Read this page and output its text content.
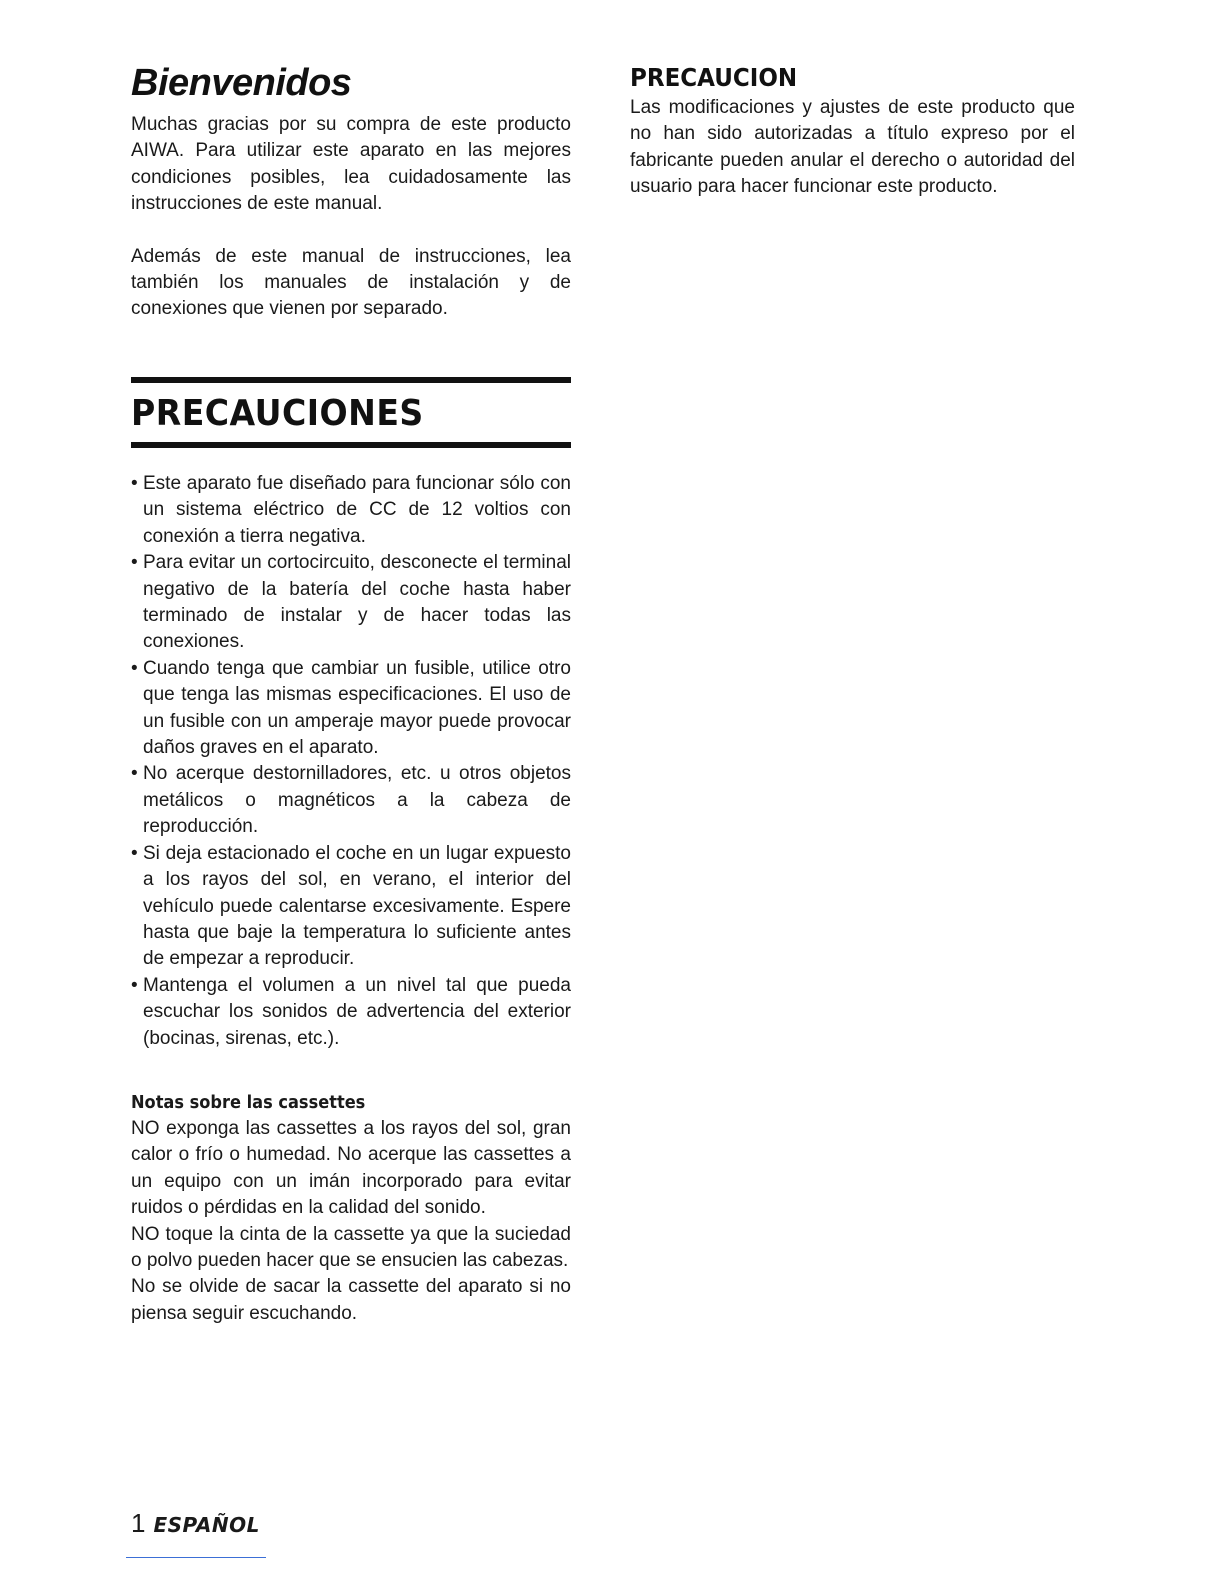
Bienvenidos

Muchas gracias por su compra de este producto AIWA. Para utilizar este aparato en las mejores condiciones posibles, lea cuidadosamente las instrucciones de este manual.

Además de este manual de instrucciones, lea también los manuales de instalación y de conexiones que vienen por separado.

PRECAUCION

Las modificaciones y ajustes de este producto que no han sido autorizadas a título expreso por el fabricante pueden anular el derecho o autoridad del usuario para hacer funcionar este producto.

PRECAUCIONES
• Este aparato fue diseñado para funcionar sólo con un sistema eléctrico de CC de 12 voltios con conexión a tierra negativa.
• Para evitar un cortocircuito, desconecte el terminal negativo de la batería del coche hasta haber terminado de instalar y de hacer todas las conexiones.
• Cuando tenga que cambiar un fusible, utilice otro que tenga las mismas especificaciones. El uso de un fusible con un amperaje mayor puede provocar daños graves en el aparato.
• No acerque destornilladores, etc. u otros objetos metálicos o magnéticos a la cabeza de reproducción.
• Si deja estacionado el coche en un lugar expuesto a los rayos del sol, en verano, el interior del vehículo puede calentarse excesivamente. Espere hasta que baje la temperatura lo suficiente antes de empezar a reproducir.
• Mantenga el volumen a un nivel tal que pueda escuchar los sonidos de advertencia del exterior (bocinas, sirenas, etc.).
Notas sobre las cassettes

NO exponga las cassettes a los rayos del sol, gran calor o frío o humedad. No acerque las cassettes a un equipo con un imán incorporado para evitar ruidos o pérdidas en la calidad del sonido.

NO toque la cinta de la cassette ya que la suciedad o polvo pueden hacer que se ensucien las cabezas.

No se olvide de sacar la cassette del aparato si no piensa seguir escuchando.

1 ESPAÑOL
